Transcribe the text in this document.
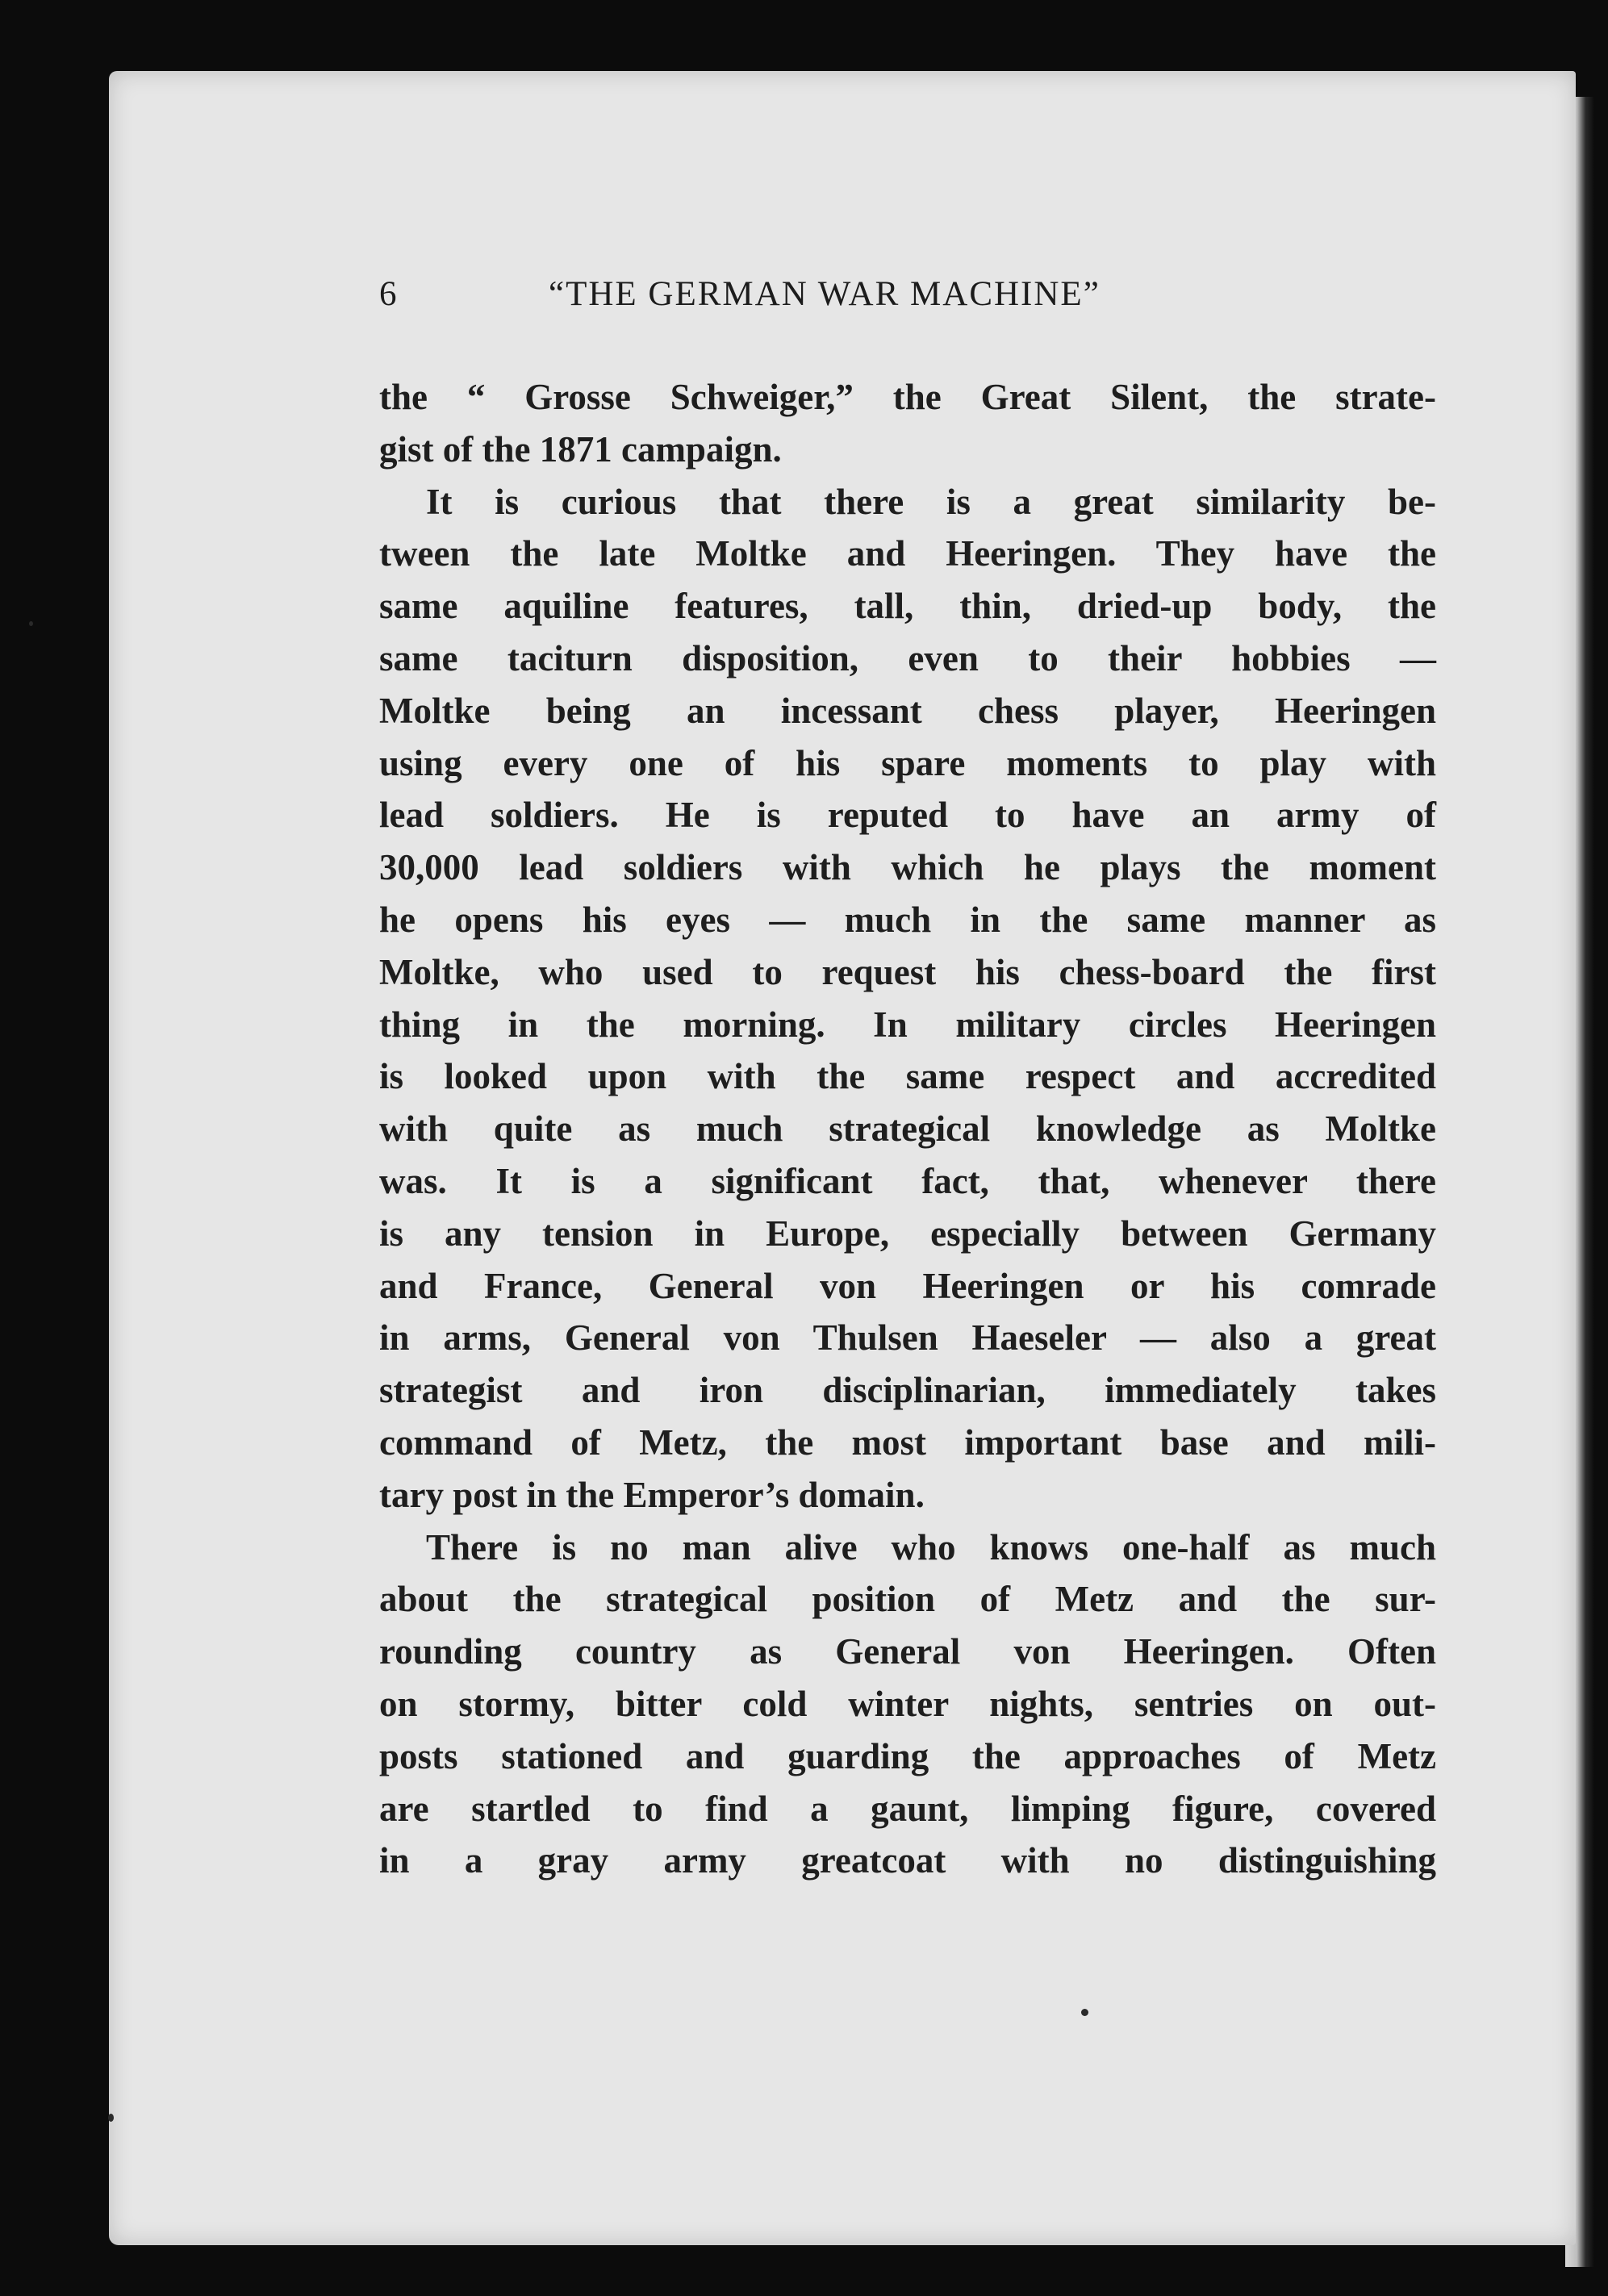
6	“THE GERMAN WAR MACHINE”
the “ Grosse Schweiger,” the Great Silent, the strate-
gist of the 1871 campaign.
It is curious that there is a great similarity be-
tween the late Moltke and Heeringen. They have the
same aquiline features, tall, thin, dried-up body, the
same taciturn disposition, even to their hobbies —
Moltke being an incessant chess player, Heeringen
using every one of his spare moments to play with
lead soldiers. He is reputed to have an army of
30,000 lead soldiers with which he plays the moment
he opens his eyes — much in the same manner as
Moltke, who used to request his chess-board the first
thing in the morning. In military circles Heeringen
is looked upon with the same respect and accredited
with quite as much strategical knowledge as Moltke
was. It is a significant fact, that, whenever there
is any tension in Europe, especially between Germany
and France, General von Heeringen or his comrade
in arms, General von Thulsen Haeseler — also a great
strategist and iron disciplinarian, immediately takes
command of Metz, the most important base and mili-
tary post in the Emperor’s domain.
There is no man alive who knows one-half as much
about the strategical position of Metz and the sur-
rounding country as General von Heeringen. Often
on stormy, bitter cold winter nights, sentries on out-
posts stationed and guarding the approaches of Metz
are startled to find a gaunt, limping figure, covered
in a gray army greatcoat with no distinguishing
